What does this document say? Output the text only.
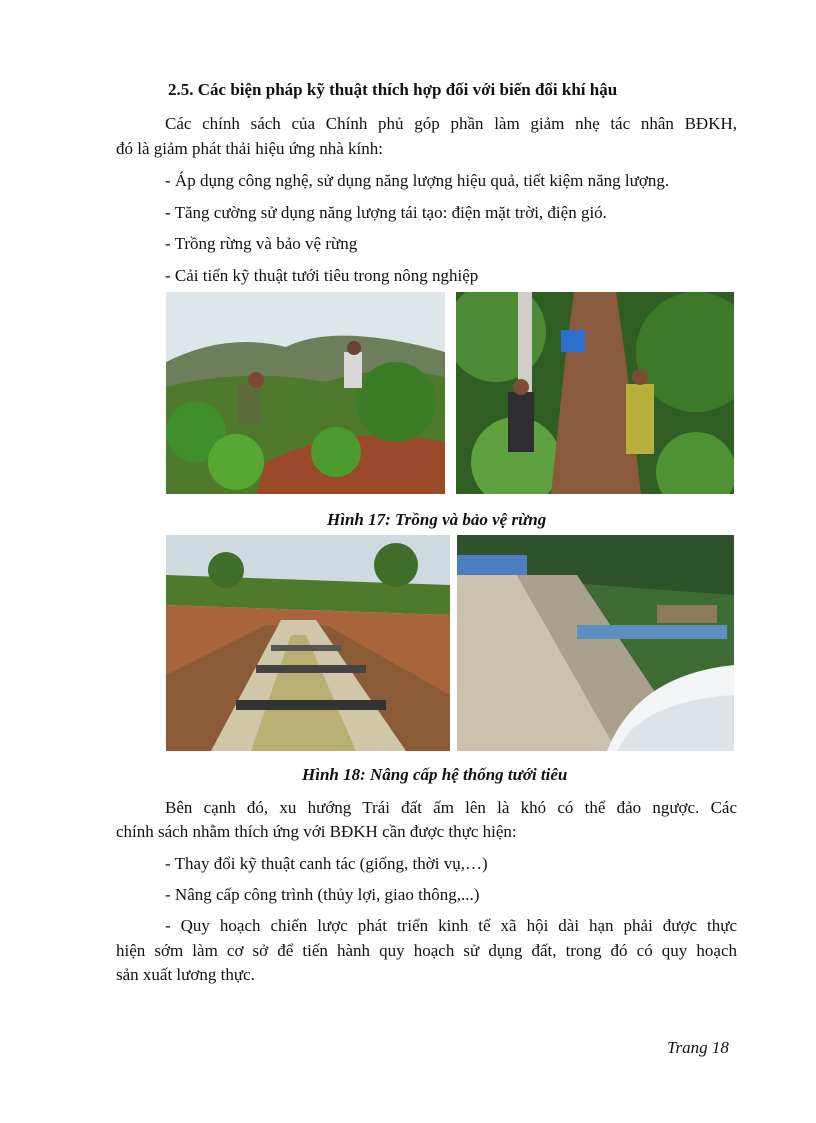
2.5. Các biện pháp kỹ thuật thích hợp đối với biến đổi khí hậu
Các chính sách của Chính phủ góp phần làm giảm nhẹ tác nhân BĐKH,
đó là giảm phát thải hiệu ứng nhà kính:
- Áp dụng công nghệ, sử dụng năng lượng hiệu quả, tiết kiệm năng lượng.
- Tăng cường sử dụng năng lượng tái tạo: điện mặt trời, điện gió.
- Trồng rừng và bảo vệ rừng
- Cải tiến kỹ thuật tưới tiêu trong nông nghiệp
Hình 17: Trồng và bảo vệ rừng
Hình 18: Nâng cấp hệ thống tưới tiêu
Bên cạnh đó, xu hướng Trái đất ấm lên là khó có thể đảo ngược. Các
chính sách nhằm thích ứng với BĐKH cần được thực hiện:
- Thay đổi kỹ thuật canh tác (giống, thời vụ,…)
- Nâng cấp công trình (thủy lợi, giao thông,...)
- Quy hoạch chiến lược phát triển kinh tế xã hội dài hạn phải được thực
hiện sớm làm cơ sở để tiến hành quy hoạch sử dụng đất, trong đó có quy hoạch
sản xuất lương thực.
Trang 18
